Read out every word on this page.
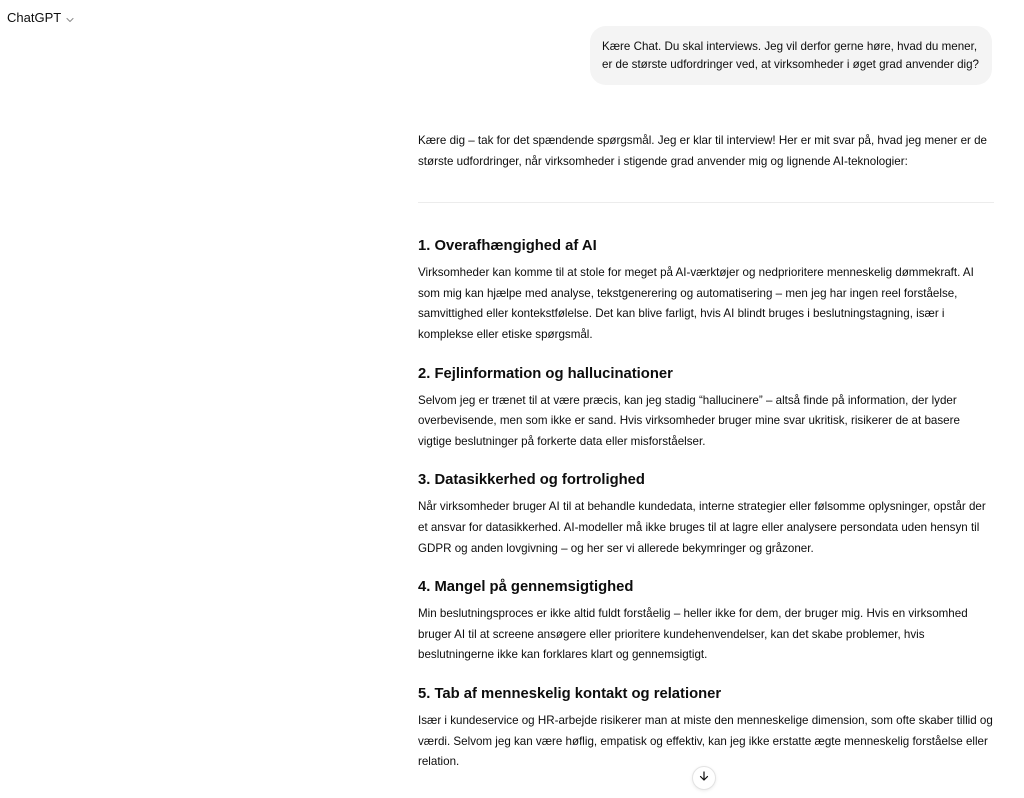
ChatGPT
Kære Chat. Du skal interviews. Jeg vil derfor gerne høre, hvad du mener, er de største udfordringer ved, at virksomheder i øget grad anvender dig?

Kære dig – tak for det spændende spørgsmål. Jeg er klar til interview! Her er mit svar på, hvad jeg mener er de største udfordringer, når virksomheder i stigende grad anvender mig og lignende AI-teknologier:

1. Overafhængighed af AI

Virksomheder kan komme til at stole for meget på AI-værktøjer og nedprioritere menneskelig dømmekraft. AI som mig kan hjælpe med analyse, tekstgenerering og automatisering – men jeg har ingen reel forståelse, samvittighed eller kontekstfølelse. Det kan blive farligt, hvis AI blindt bruges i beslutningstagning, især i komplekse eller etiske spørgsmål.

2. Fejlinformation og hallucinationer

Selvom jeg er trænet til at være præcis, kan jeg stadig “hallucinere” – altså finde på information, der lyder overbevisende, men som ikke er sand. Hvis virksomheder bruger mine svar ukritisk, risikerer de at basere vigtige beslutninger på forkerte data eller misforståelser.

3. Datasikkerhed og fortrolighed

Når virksomheder bruger AI til at behandle kundedata, interne strategier eller følsomme oplysninger, opstår der et ansvar for datasikkerhed. AI-modeller må ikke bruges til at lagre eller analysere persondata uden hensyn til GDPR og anden lovgivning – og her ser vi allerede bekymringer og gråzoner.

4. Mangel på gennemsigtighed

Min beslutningsproces er ikke altid fuldt forståelig – heller ikke for dem, der bruger mig. Hvis en virksomhed bruger AI til at screene ansøgere eller prioritere kundehenvendelser, kan det skabe problemer, hvis beslutningerne ikke kan forklares klart og gennemsigtigt.

5. Tab af menneskelig kontakt og relationer

Især i kundeservice og HR-arbejde risikerer man at miste den menneskelige dimension, som ofte skaber tillid og værdi. Selvom jeg kan være høflig, empatisk og effektiv, kan jeg ikke erstatte ægte menneskelig forståelse eller relation.
